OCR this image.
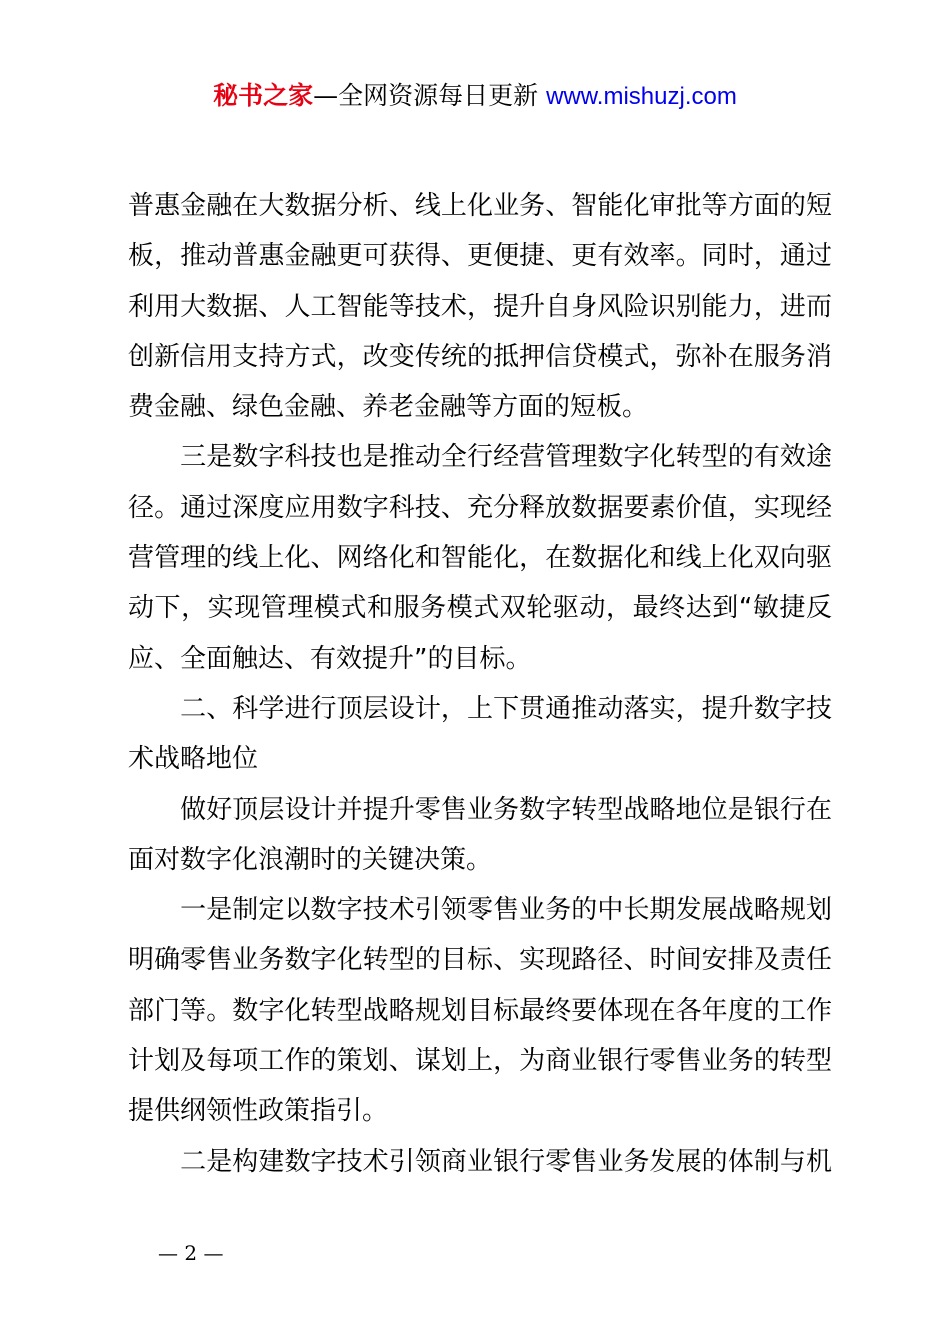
秘书之家—全网资源每日更新 www.mishuzj.com
普惠金融在大数据分析、线上化业务、智能化审批等方面的短
板，推动普惠金融更可获得、更便捷、更有效率。同时，通过
利用大数据、人工智能等技术，提升自身风险识别能力，进而
创新信用支持方式，改变传统的抵押信贷模式，弥补在服务消
费金融、绿色金融、养老金融等方面的短板。
　　三是数字科技也是推动全行经营管理数字化转型的有效途
径。通过深度应用数字科技、充分释放数据要素价值，实现经
营管理的线上化、网络化和智能化，在数据化和线上化双向驱
动下，实现管理模式和服务模式双轮驱动，最终达到“敏捷反
应、全面触达、有效提升”的目标。
　　二、科学进行顶层设计，上下贯通推动落实，提升数字技
术战略地位
　　做好顶层设计并提升零售业务数字转型战略地位是银行在
面对数字化浪潮时的关键决策。
　　一是制定以数字技术引领零售业务的中长期发展战略规划
明确零售业务数字化转型的目标、实现路径、时间安排及责任
部门等。数字化转型战略规划目标最终要体现在各年度的工作
计划及每项工作的策划、谋划上，为商业银行零售业务的转型
提供纲领性政策指引。
　　二是构建数字技术引领商业银行零售业务发展的体制与机
— 2 —
